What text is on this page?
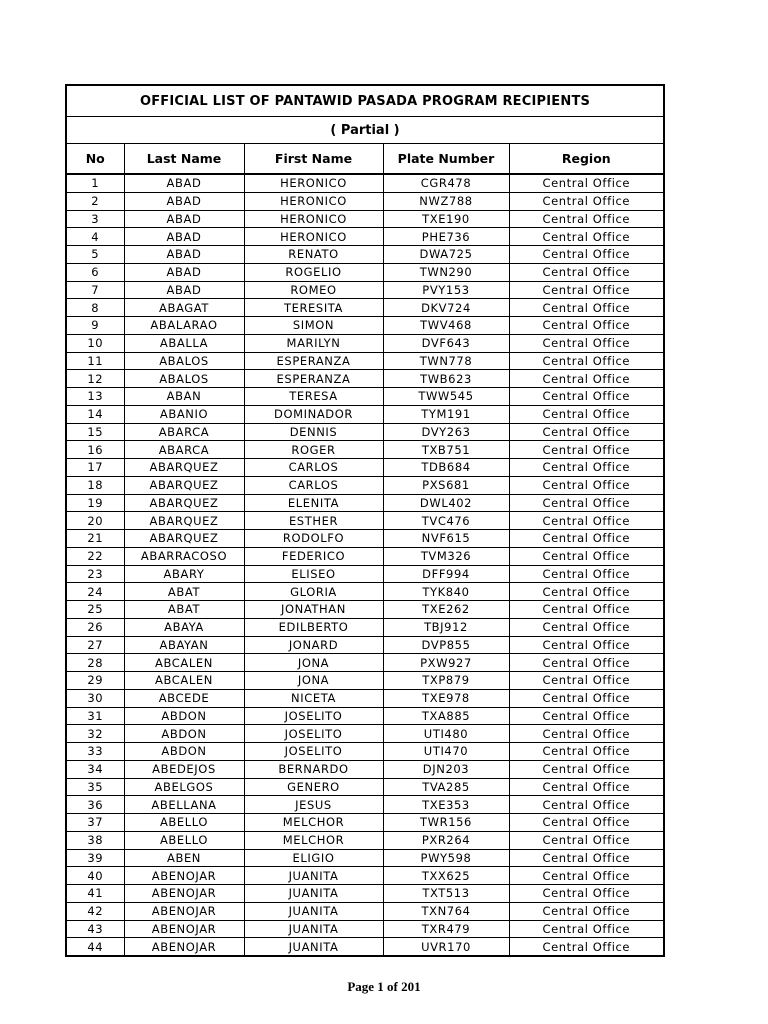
OFFICIAL LIST OF PANTAWID PASADA PROGRAM RECIPIENTS				
( Partial )				
No	Last Name	First Name	Plate Number	Region
1	ABAD	HERONICO	CGR478	Central Office
2	ABAD	HERONICO	NWZ788	Central Office
3	ABAD	HERONICO	TXE190	Central Office
4	ABAD	HERONICO	PHE736	Central Office
5	ABAD	RENATO	DWA725	Central Office
6	ABAD	ROGELIO	TWN290	Central Office
7	ABAD	ROMEO	PVY153	Central Office
8	ABAGAT	TERESITA	DKV724	Central Office
9	ABALARAO	SIMON	TWV468	Central Office
10	ABALLA	MARILYN	DVF643	Central Office
11	ABALOS	ESPERANZA	TWN778	Central Office
12	ABALOS	ESPERANZA	TWB623	Central Office
13	ABAN	TERESA	TWW545	Central Office
14	ABANIO	DOMINADOR	TYM191	Central Office
15	ABARCA	DENNIS	DVY263	Central Office
16	ABARCA	ROGER	TXB751	Central Office
17	ABARQUEZ	CARLOS	TDB684	Central Office
18	ABARQUEZ	CARLOS	PXS681	Central Office
19	ABARQUEZ	ELENITA	DWL402	Central Office
20	ABARQUEZ	ESTHER	TVC476	Central Office
21	ABARQUEZ	RODOLFO	NVF615	Central Office
22	ABARRACOSO	FEDERICO	TVM326	Central Office
23	ABARY	ELISEO	DFF994	Central Office
24	ABAT	GLORIA	TYK840	Central Office
25	ABAT	JONATHAN	TXE262	Central Office
26	ABAYA	EDILBERTO	TBJ912	Central Office
27	ABAYAN	JONARD	DVP855	Central Office
28	ABCALEN	JONA	PXW927	Central Office
29	ABCALEN	JONA	TXP879	Central Office
30	ABCEDE	NICETA	TXE978	Central Office
31	ABDON	JOSELITO	TXA885	Central Office
32	ABDON	JOSELITO	UTI480	Central Office
33	ABDON	JOSELITO	UTI470	Central Office
34	ABEDEJOS	BERNARDO	DJN203	Central Office
35	ABELGOS	GENERO	TVA285	Central Office
36	ABELLANA	JESUS	TXE353	Central Office
37	ABELLO	MELCHOR	TWR156	Central Office
38	ABELLO	MELCHOR	PXR264	Central Office
39	ABEN	ELIGIO	PWY598	Central Office
40	ABENOJAR	JUANITA	TXX625	Central Office
41	ABENOJAR	JUANITA	TXT513	Central Office
42	ABENOJAR	JUANITA	TXN764	Central Office
43	ABENOJAR	JUANITA	TXR479	Central Office
44	ABENOJAR	JUANITA	UVR170	Central Office
Page 1 of 201
